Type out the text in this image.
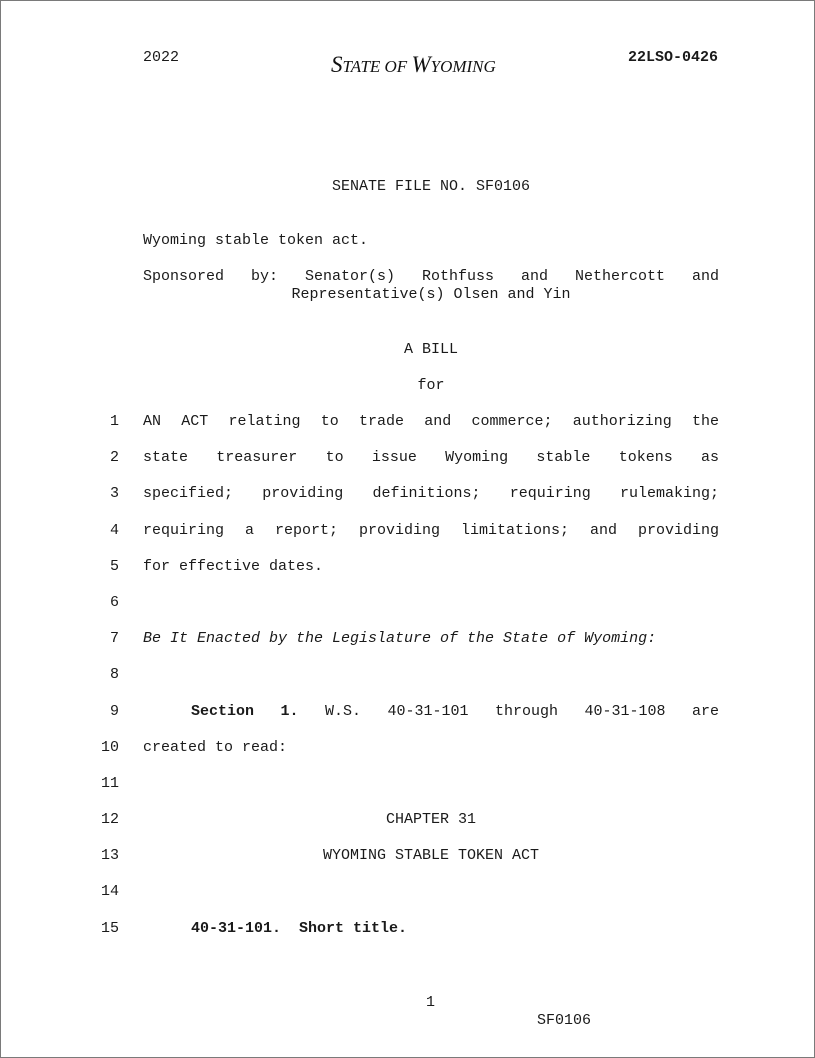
2022	STATE OF WYOMING	22LSO-0426
SENATE FILE NO. SF0106
Wyoming stable token act.
Sponsored by: Senator(s) Rothfuss and Nethercott and
Representative(s) Olsen and Yin
A BILL
for
1 AN ACT relating to trade and commerce; authorizing the
2 state treasurer to issue Wyoming stable tokens as
3 specified; providing definitions; requiring rulemaking;
4 requiring a report; providing limitations; and providing
5 for effective dates.
6
7 Be It Enacted by the Legislature of the State of Wyoming:
8
9	Section 1. W.S. 40-31-101 through 40-31-108 are
10 created to read:
11
12	CHAPTER 31
13	WYOMING STABLE TOKEN ACT
14
15	40-31-101.  Short title.

1

SF0106
